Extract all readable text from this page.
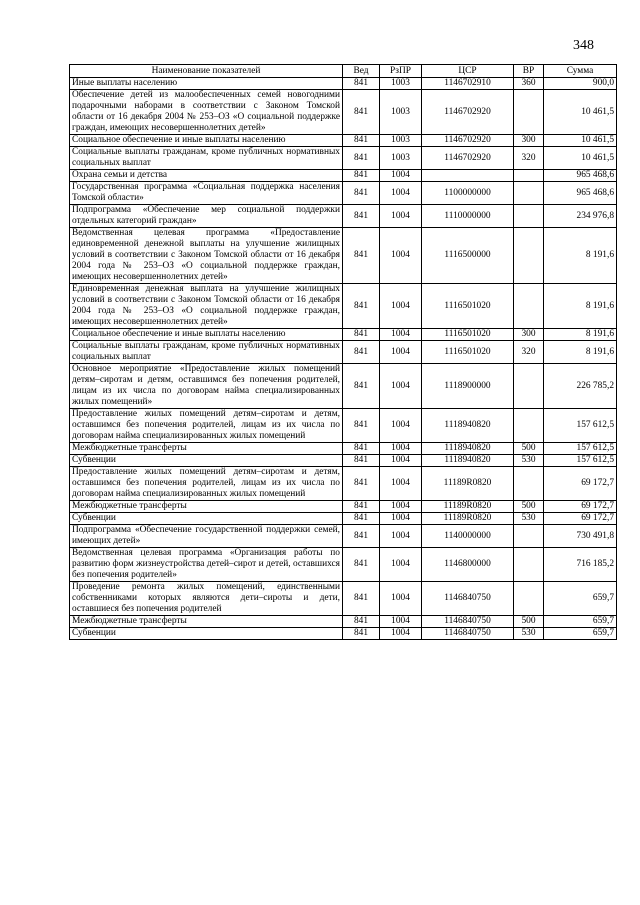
348
Наименование показателей	Вед	РзПР	ЦСР	ВР	Сумма
Иные выплаты населению	841	1003	1146702910	360	900,0
Обеспечение детей из малообеспеченных семей новогодними подарочными наборами в соответствии с Законом Томской области от 16 декабря 2004 № 253–ОЗ «О социальной поддержке граждан, имеющих несовершеннолетних детей»	841	1003	1146702920		10 461,5
Социальное обеспечение и иные выплаты населению	841	1003	1146702920	300	10 461,5
Социальные выплаты гражданам, кроме публичных нормативных социальных выплат	841	1003	1146702920	320	10 461,5
Охрана семьи и детства	841	1004			965 468,6
Государственная программа «Социальная поддержка населения Томской области»	841	1004	1100000000		965 468,6
Подпрограмма «Обеспечение мер социальной поддержки отдельных категорий граждан»	841	1004	1110000000		234 976,8
Ведомственная целевая программа «Предоставление единовременной денежной выплаты на улучшение жилищных условий в соответствии с Законом Томской области от 16 декабря 2004 года № 253–ОЗ «О социальной поддержке граждан, имеющих несовершеннолетних детей»	841	1004	1116500000		8 191,6
Единовременная денежная выплата на улучшение жилищных условий в соответствии с Законом Томской области от 16 декабря 2004 года № 253–ОЗ «О социальной поддержке граждан, имеющих несовершеннолетних детей»	841	1004	1116501020		8 191,6
Социальное обеспечение и иные выплаты населению	841	1004	1116501020	300	8 191,6
Социальные выплаты гражданам, кроме публичных нормативных социальных выплат	841	1004	1116501020	320	8 191,6
Основное мероприятие «Предоставление жилых помещений детям–сиротам и детям, оставшимся без попечения родителей, лицам из их числа по договорам найма специализированных жилых помещений»	841	1004	1118900000		226 785,2
Предоставление жилых помещений детям–сиротам и детям, оставшимся без попечения родителей, лицам из их числа по договорам найма специализированных жилых помещений	841	1004	1118940820		157 612,5
Межбюджетные трансферты	841	1004	1118940820	500	157 612,5
Субвенции	841	1004	1118940820	530	157 612,5
Предоставление жилых помещений детям–сиротам и детям, оставшимся без попечения родителей, лицам из их числа по договорам найма специализированных жилых помещений	841	1004	11189R0820		69 172,7
Межбюджетные трансферты	841	1004	11189R0820	500	69 172,7
Субвенции	841	1004	11189R0820	530	69 172,7
Подпрограмма «Обеспечение государственной поддержки семей, имеющих детей»	841	1004	1140000000		730 491,8
Ведомственная целевая программа «Организация работы по развитию форм жизнеустройства детей–сирот и детей, оставшихся без попечения родителей»	841	1004	1146800000		716 185,2
Проведение ремонта жилых помещений, единственными собственниками которых являются дети–сироты и дети, оставшиеся без попечения родителей	841	1004	1146840750		659,7
Межбюджетные трансферты	841	1004	1146840750	500	659,7
Субвенции	841	1004	1146840750	530	659,7
